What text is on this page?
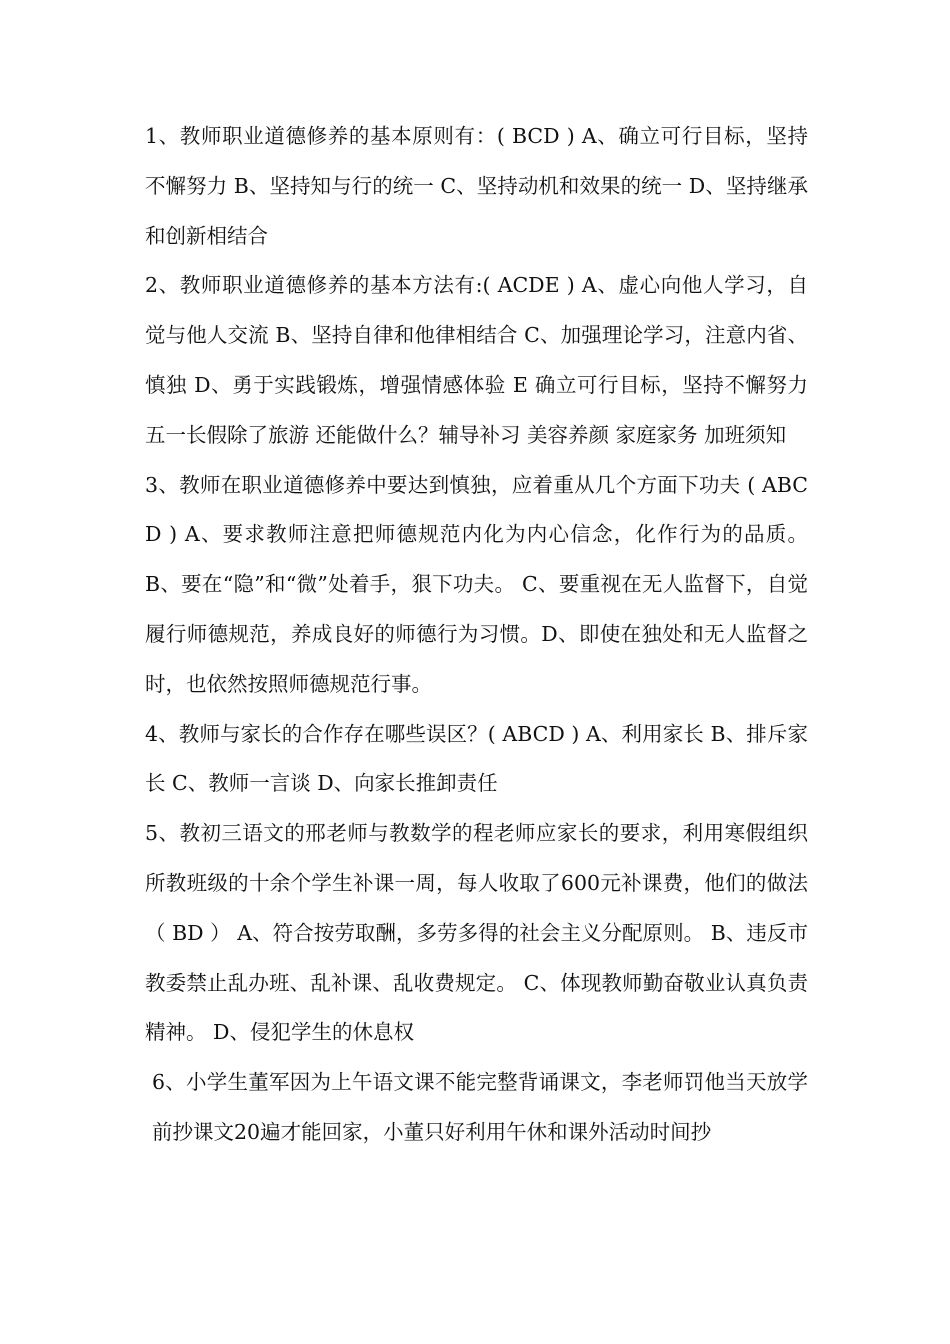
1、教师职业道德修养的基本原则有：( BCD ) A、确立可行目标，坚持不懈努力 B、坚持知与行的统一 C、坚持动机和效果的统一 D、坚持继承和创新相结合

2、教师职业道德修养的基本方法有:( ACDE ) A、虚心向他人学习，自觉与他人交流 B、坚持自律和他律相结合 C、加强理论学习，注意内省、慎独 D、勇于实践锻炼，增强情感体验 E 确立可行目标，坚持不懈努力 五一长假除了旅游 还能做什么？辅导补习 美容养颜 家庭家务 加班须知

3、教师在职业道德修养中要达到慎独，应着重从几个方面下功夫 ( ABCD ) A、要求教师注意把师德规范内化为内心信念，化作行为的品质。 B、要在“隐”和“微”处着手，狠下功夫。 C、要重视在无人监督下，自觉履行师德规范，养成良好的师德行为习惯。D、即使在独处和无人监督之时，也依然按照师德规范行事。

4、教师与家长的合作存在哪些误区？( ABCD ) A、利用家长 B、排斥家长 C、教师一言谈 D、向家长推卸责任

5、教初三语文的邢老师与教数学的程老师应家长的要求，利用寒假组织所教班级的十余个学生补课一周，每人收取了600元补课费，他们的做法（ BD ） A、符合按劳取酬，多劳多得的社会主义分配原则。 B、违反市教委禁止乱办班、乱补课、乱收费规定。 C、体现教师勤奋敬业认真负责精神。 D、侵犯学生的休息权

6、小学生董军因为上午语文课不能完整背诵课文，李老师罚他当天放学前抄课文20遍才能回家，小董只好利用午休和课外活动时间抄
